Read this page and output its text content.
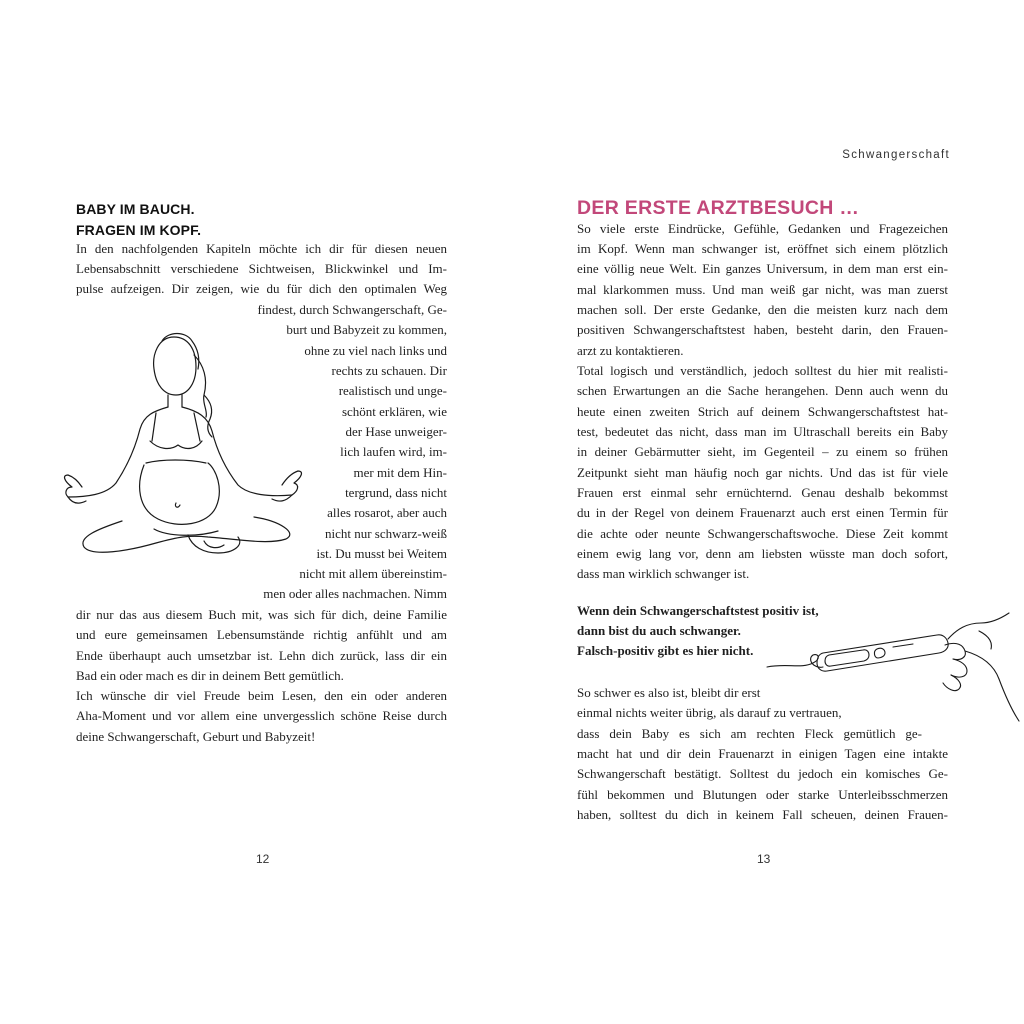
BABY IM BAUCH.
FRAGEN IM KOPF.
In den nachfolgenden Kapiteln möchte ich dir für diesen neuen
Lebensabschnitt verschiedene Sichtweisen, Blickwinkel und Im-
pulse aufzeigen. Dir zeigen, wie du für dich den optimalen Weg
findest, durch Schwangerschaft, Ge-
burt und Babyzeit zu kommen,
ohne zu viel nach links und
rechts zu schauen. Dir
realistisch und unge-
schönt erklären, wie
der Hase unweiger-
lich laufen wird, im-
mer mit dem Hin-
tergrund, dass nicht
alles rosarot, aber auch
nicht nur schwarz-weiß
ist. Du musst bei Weitem
nicht mit allem übereinstim-
men oder alles nachmachen. Nimm
dir nur das aus diesem Buch mit, was sich für dich, deine Familie
und eure gemeinsamen Lebensumstände richtig anfühlt und am
Ende überhaupt auch umsetzbar ist. Lehn dich zurück, lass dir ein
Bad ein oder mach es dir in deinem Bett gemütlich.
Ich wünsche dir viel Freude beim Lesen, den ein oder anderen
Aha-Moment und vor allem eine unvergesslich schöne Reise durch
deine Schwangerschaft, Geburt und Babyzeit!
12
Schwangerschaft
DER ERSTE ARZTBESUCH …
So viele erste Eindrücke, Gefühle, Gedanken und Fragezeichen
im Kopf. Wenn man schwanger ist, eröffnet sich einem plötzlich
eine völlig neue Welt. Ein ganzes Universum, in dem man erst ein-
mal klarkommen muss. Und man weiß gar nicht, was man zuerst
machen soll. Der erste Gedanke, den die meisten kurz nach dem
positiven Schwangerschaftstest haben, besteht darin, den Frauen-
arzt zu kontaktieren.
Total logisch und verständlich, jedoch solltest du hier mit realisti-
schen Erwartungen an die Sache herangehen. Denn auch wenn du
heute einen zweiten Strich auf deinem Schwangerschaftstest hat-
test, bedeutet das nicht, dass man im Ultraschall bereits ein Baby
in deiner Gebärmutter sieht, im Gegenteil – zu einem so frühen
Zeitpunkt sieht man häufig noch gar nichts. Und das ist für viele
Frauen erst einmal sehr ernüchternd. Genau deshalb bekommst
du in der Regel von deinem Frauenarzt auch erst einen Termin für
die achte oder neunte Schwangerschaftswoche. Diese Zeit kommt
einem ewig lang vor, denn am liebsten wüsste man doch sofort,
dass man wirklich schwanger ist.
Wenn dein Schwangerschaftstest positiv ist,
dann bist du auch schwanger.
Falsch-positiv gibt es hier nicht.
So schwer es also ist, bleibt dir erst
einmal nichts weiter übrig, als darauf zu vertrauen,
dass dein Baby es sich am rechten Fleck gemütlich ge-
macht hat und dir dein Frauenarzt in einigen Tagen eine intakte
Schwangerschaft bestätigt. Solltest du jedoch ein komisches Ge-
fühl bekommen und Blutungen oder starke Unterleibsschmerzen
haben, solltest du dich in keinem Fall scheuen, deinen Frauen-
13
